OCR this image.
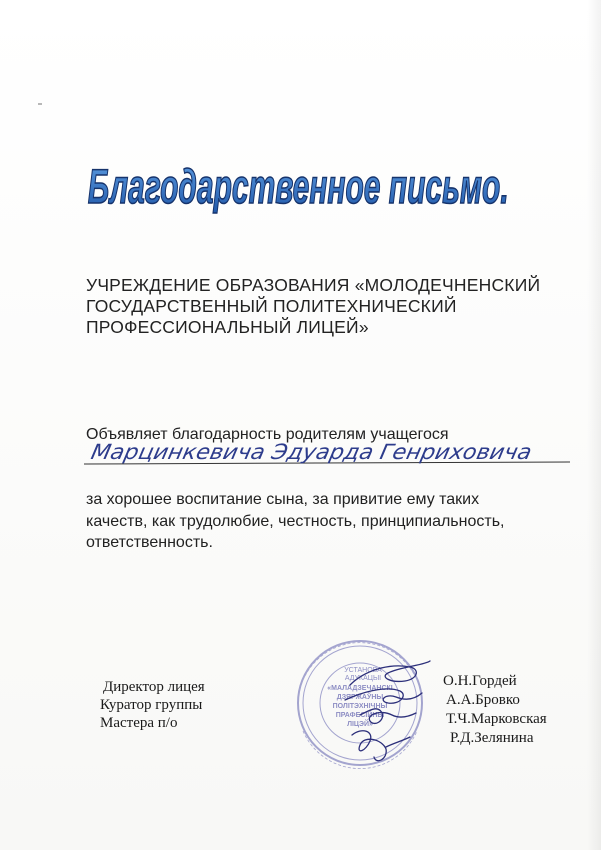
Благодарственное письмо.
УЧРЕЖДЕНИЕ ОБРАЗОВАНИЯ «МОЛОДЕЧНЕНСКИЙ
ГОСУДАРСТВЕННЫЙ ПОЛИТЕХНИЧЕСКИЙ
ПРОФЕССИОНАЛЬНЫЙ ЛИЦЕЙ»
Объявляет благодарность родителям учащегося
Марцинкевича Эдуарда Генриховича
за хорошее воспитание сына, за привитие ему таких
качеств, как трудолюбие, честность, принципиальность,
ответственность.
Директор лицея
Куратор группы
Мастера п/о
О.Н.Гордей
А.А.Бровко
Т.Ч.Марковская
Р.Д.Зелянина
УСТАНОВА
АДУКАЦЫІ
«МАЛАДЗЕЧАНСКІ
ДЗЯРЖАЎНЫ
ПОЛІТЭХНІЧНЫ
ПРАФЕСІЙНЫ
ЛІЦЭЙ»
